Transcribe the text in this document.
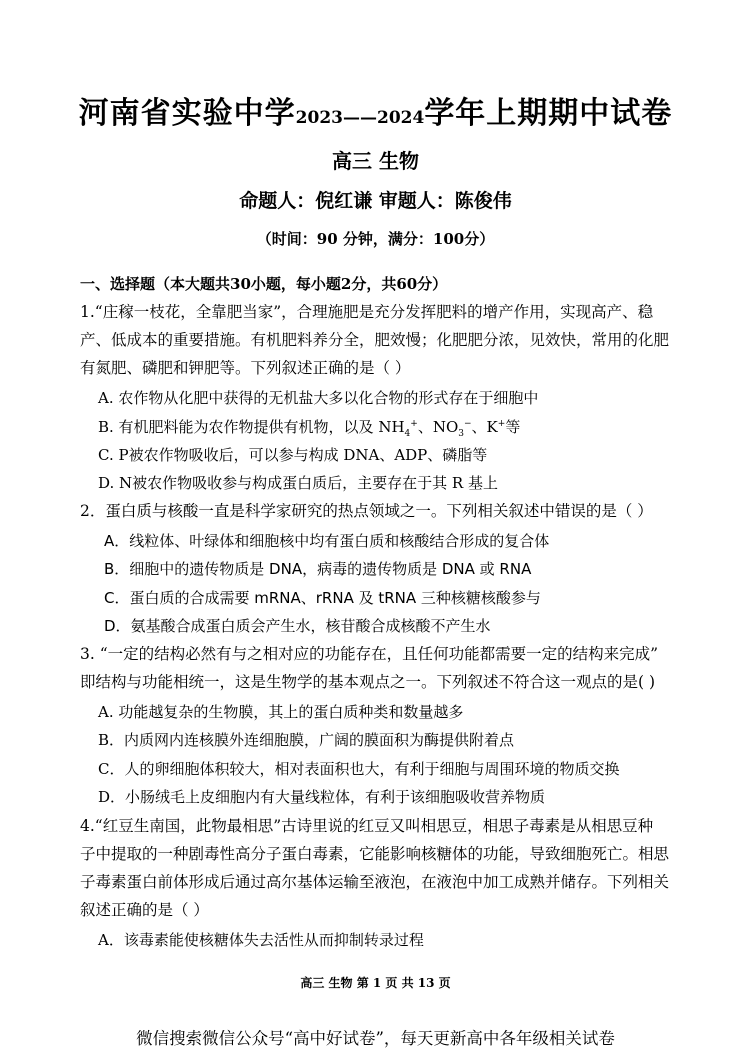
河南省实验中学2023——2024学年上期期中试卷
高三 生物
命题人：倪红谦 审题人：陈俊伟
（时间：90 分钟，满分：100分）
一、选择题（本大题共30小题，每小题2分，共60分）
1.“庄稼一枝花，全靠肥当家”，合理施肥是充分发挥肥料的增产作用，实现高产、稳
产、低成本的重要措施。有机肥料养分全，肥效慢；化肥肥分浓，见效快，常用的化肥
有氮肥、磷肥和钾肥等。下列叙述正确的是（ ）
A. 农作物从化肥中获得的无机盐大多以化合物的形式存在于细胞中
B. 有机肥料能为农作物提供有机物，以及 $NH_4^+$、$NO_3^-$、K+等
C. P被农作物吸收后，可以参与构成 DNA、ADP、磷脂等
D. N被农作物吸收参与构成蛋白质后，主要存在于其 R 基上
2．蛋白质与核酸一直是科学家研究的热点领域之一。下列相关叙述中错误的是（ ）
A．线粒体、叶绿体和细胞核中均有蛋白质和核酸结合形成的复合体
B．细胞中的遗传物质是 DNA，病毒的遗传物质是 DNA 或 RNA
C．蛋白质的合成需要 mRNA、rRNA 及 tRNA 三种核糖核酸参与
D．氨基酸合成蛋白质会产生水，核苷酸合成核酸不产生水
3. “一定的结构必然有与之相对应的功能存在，且任何功能都需要一定的结构来完成”
即结构与功能相统一，这是生物学的基本观点之一。下列叙述不符合这一观点的是( )
A. 功能越复杂的生物膜，其上的蛋白质种类和数量越多
B．内质网内连核膜外连细胞膜，广阔的膜面积为酶提供附着点
C．人的卵细胞体积较大，相对表面积也大，有利于细胞与周围环境的物质交换
D．小肠绒毛上皮细胞内有大量线粒体，有利于该细胞吸收营养物质
4.“红豆生南国，此物最相思”古诗里说的红豆又叫相思豆，相思子毒素是从相思豆种
子中提取的一种剧毒性高分子蛋白毒素，它能影响核糖体的功能，导致细胞死亡。相思
子毒素蛋白前体形成后通过高尔基体运输至液泡，在液泡中加工成熟并储存。下列相关
叙述正确的是（ ）
A．该毒素能使核糖体失去活性从而抑制转录过程
高三 生物 第 1 页 共 13 页
微信搜索微信公众号“高中好试卷”，每天更新高中各年级相关试卷
